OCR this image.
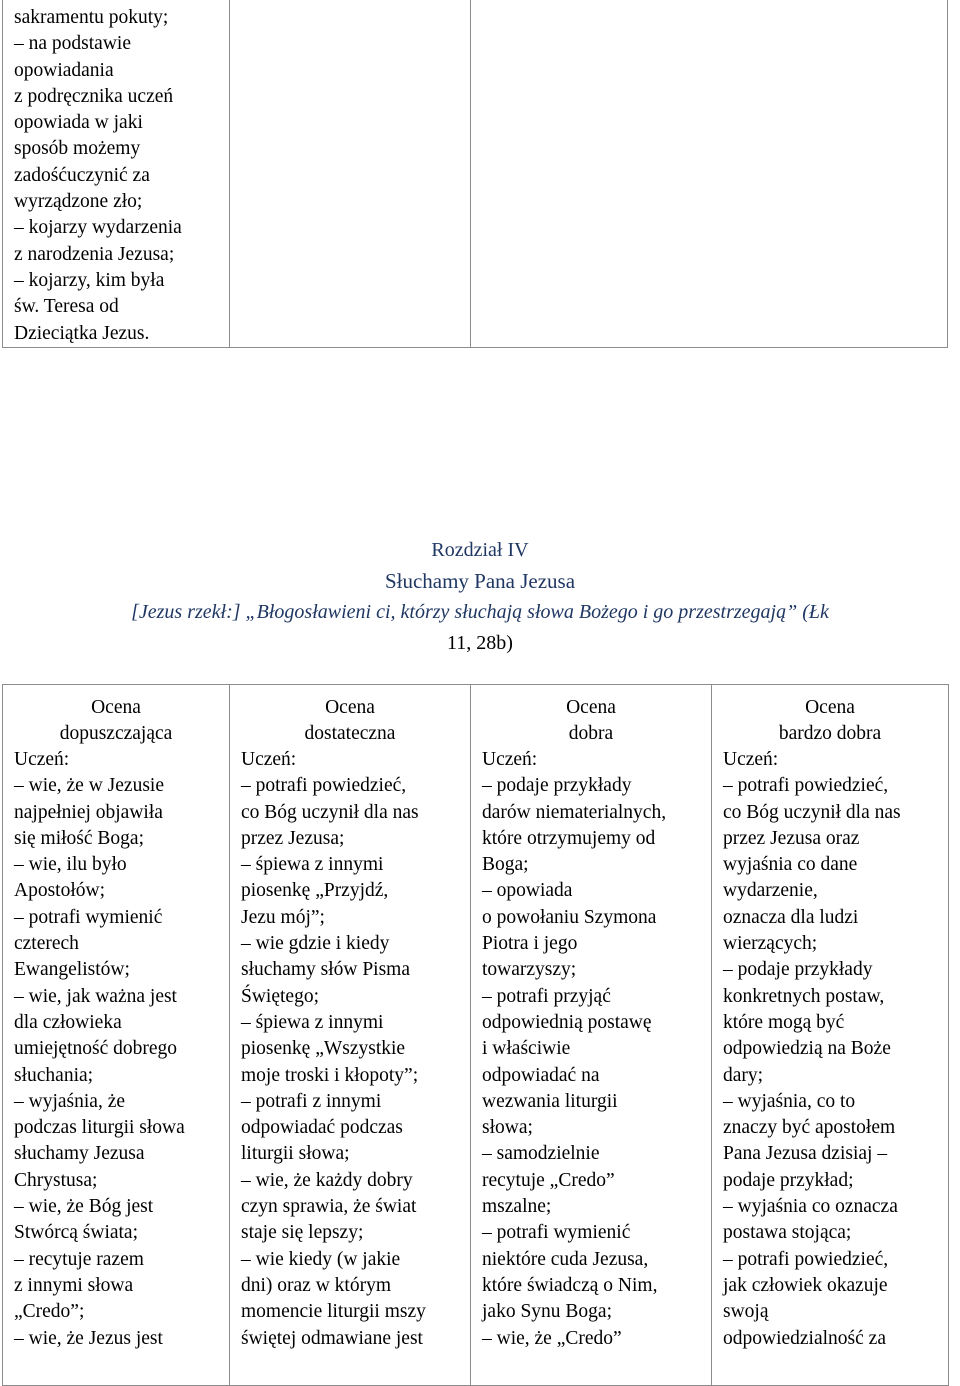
sakramentu pokuty;
– na podstawie
opowiadania
z podręcznika uczeń
opowiada w jaki
sposób możemy
zadośćuczynić za
wyrządzone zło;
– kojarzy wydarzenia
z narodzenia Jezusa;
– kojarzy, kim była
św. Teresa od
Dzieciątka Jezus.

Rozdział IV
Słuchamy Pana Jezusa
[Jezus rzekł:] „Błogosławieni ci, którzy słuchają słowa Bożego i go przestrzegają” (Łk
11, 28b)
Ocena
dopuszczająca
Uczeń:
– wie, że w Jezusie
najpełniej objawiła
się miłość Boga;
– wie, ilu było
Apostołów;
– potrafi wymienić
czterech
Ewangelistów;
– wie, jak ważna jest
dla człowieka
umiejętność dobrego
słuchania;
– wyjaśnia, że
podczas liturgii słowa
słuchamy Jezusa
Chrystusa;
– wie, że Bóg jest
Stwórcą świata;
– recytuje razem
z innymi słowa
„Credo”;
– wie, że Jezus jest

Ocena
dostateczna
Uczeń:
– potrafi powiedzieć,
co Bóg uczynił dla nas
przez Jezusa;
– śpiewa z innymi
piosenkę „Przyjdź,
Jezu mój”;
– wie gdzie i kiedy
słuchamy słów Pisma
Świętego;
– śpiewa z innymi
piosenkę „Wszystkie
moje troski i kłopoty”;
– potrafi z innymi
odpowiadać podczas
liturgii słowa;
– wie, że każdy dobry
czyn sprawia, że świat
staje się lepszy;
– wie kiedy (w jakie
dni) oraz w którym
momencie liturgii mszy
świętej odmawiane jest

Ocena
dobra
Uczeń:
– podaje przykłady
darów niematerialnych,
które otrzymujemy od
Boga;
– opowiada
o powołaniu Szymona
Piotra i jego
towarzyszy;
– potrafi przyjąć
odpowiednią postawę
i właściwie
odpowiadać na
wezwania liturgii
słowa;
– samodzielnie
recytuje „Credo”
mszalne;
– potrafi wymienić
niektóre cuda Jezusa,
które świadczą o Nim,
jako Synu Boga;
– wie, że „Credo”

Ocena
bardzo dobra
Uczeń:
– potrafi powiedzieć,
co Bóg uczynił dla nas
przez Jezusa oraz
wyjaśnia co dane
wydarzenie,
oznacza dla ludzi
wierzących;
– podaje przykłady
konkretnych postaw,
które mogą być
odpowiedzią na Boże
dary;
– wyjaśnia, co to
znaczy być apostołem
Pana Jezusa dzisiaj –
podaje przykład;
– wyjaśnia co oznacza
postawa stojąca;
– potrafi powiedzieć,
jak człowiek okazuje
swoją
odpowiedzialność za
